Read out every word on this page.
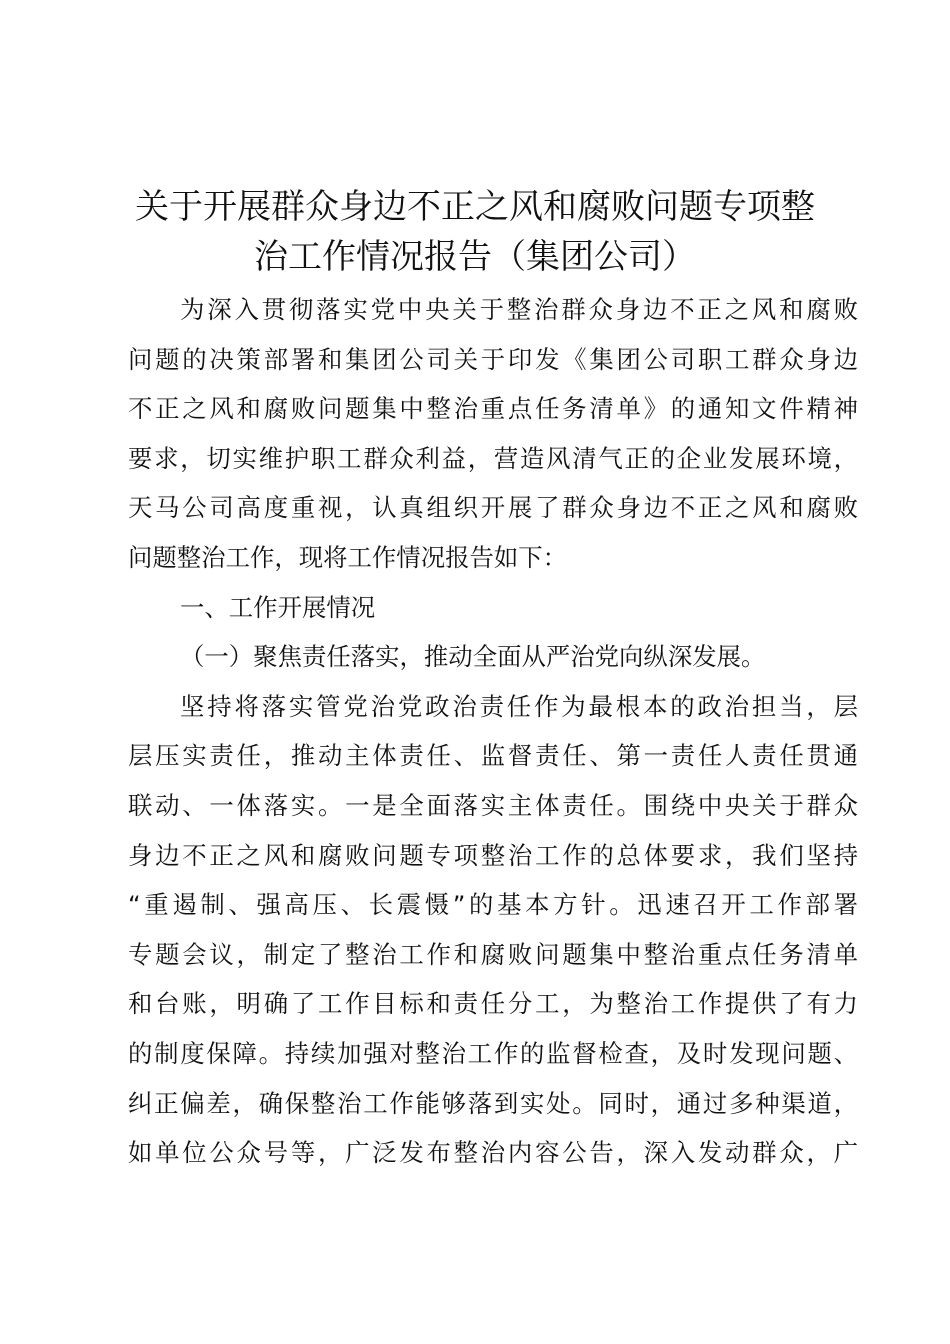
关于开展群众身边不正之风和腐败问题专项整
治工作情况报告（集团公司）
为深入贯彻落实党中央关于整治群众身边不正之风和腐败
问题的决策部署和集团公司关于印发《集团公司职工群众身边
不正之风和腐败问题集中整治重点任务清单》的通知文件精神
要求，切实维护职工群众利益，营造风清气正的企业发展环境，
天马公司高度重视，认真组织开展了群众身边不正之风和腐败
问题整治工作，现将工作情况报告如下：
一、工作开展情况
（一）聚焦责任落实，推动全面从严治党向纵深发展。
坚持将落实管党治党政治责任作为最根本的政治担当，层
层压实责任，推动主体责任、监督责任、第一责任人责任贯通
联动、一体落实。一是全面落实主体责任。围绕中央关于群众
身边不正之风和腐败问题专项整治工作的总体要求，我们坚持
“重遏制、强高压、长震慑”的基本方针。迅速召开工作部署
专题会议，制定了整治工作和腐败问题集中整治重点任务清单
和台账，明确了工作目标和责任分工，为整治工作提供了有力
的制度保障。持续加强对整治工作的监督检查，及时发现问题、
纠正偏差，确保整治工作能够落到实处。同时，通过多种渠道，
如单位公众号等，广泛发布整治内容公告，深入发动群众，广
